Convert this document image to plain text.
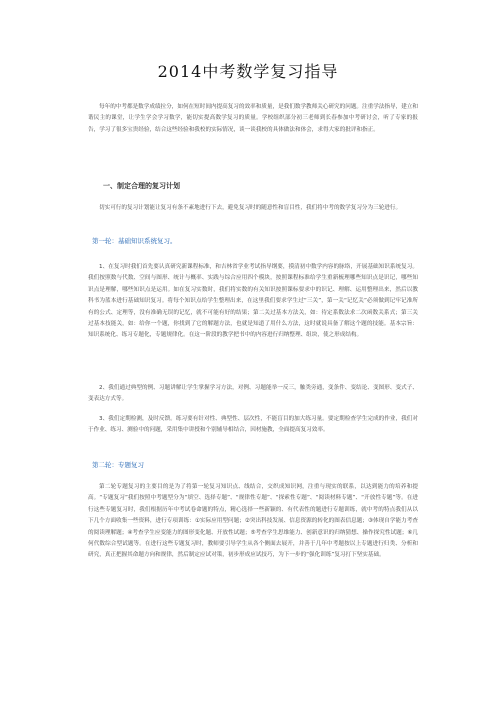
2014中考数学复习指导
每年的中考都是数学成绩拉分，如何在短时间内提高复习的效率和质量，是我们数学教师关心研究的问题。注重学法指导，建立和谐民主的课堂，让学生学会学习数学，能切实提高数学复习的质量。学校组织部分初三老师到长春参加中考研讨会，听了专家的报告，学习了很多宝贵经验，结合这些经验和我校的实际情况，谈一谈我校的具体做法和体会，求得大家的批评和指正。
一、制定合理的复习计划
切实可行的复习计划能让复习有条不紊地进行下去，避免复习时的随意性和盲目性，我们将中考的数学复习分为三轮进行。
第一轮：基础知识系统复习。
1、在复习时我们首先要认真研究新课程标准，和吉林省学业考试指导纲要，摸清初中数学内容的脉络，开展基础知识系统复习。我们按照数与代数、空间与图形、统计与概率、实践与综合应用四个模块，按照课程标准给学生重新梳理哪些知识点是识记，哪些知识点是理解，哪些知识点是运用。如在复习实数时，我们将实数的有关知识按照课标要求中的识记、理解、运用整理出来，然后以教科书为蓝本进行基础知识复习。将每个知识点给学生整理出来，在这里我们要求学生过“三关”，第一关“记忆关”必须做到记牢记准所有的公式、定理等，没有准确无误的记忆，就不可能有好的结果；第二关过基本方法关，如：待定系数法求二次函数关系式；第三关过基本技能关，如：给你一个题，你找到了它的解题方法，也就是知道了用什么方法，这时就说具备了解这个题的技能。基本宗旨：知识系统化、练习专题化，专题规律化。在这一阶段的教学把书中的内容进行归纳整理、组块，使之形成结构。
2、我们通过典型的例、习题讲解让学生掌握学习方法，对例、习题能举一反三，触类旁通，变条件、变结论、变图形、变式子、变表达方式等。
3、我们定期检测，及时反馈。练习要有针对性、典型性、层次性，不能盲目的加大练习量。要定期检查学生完成的作业，我们对于作业、练习、测验中的问题，采用集中讲授和个别辅导相结合，因材施教，全面提高复习效率。
第二轮：专题复习
第二轮专题复习的主要目的是为了将第一轮复习知识点、线结合，交织成知识网，注重与现实的联系，以达到能力的培养和提高。“专题复习”我们按照中考题型分为“填空、选择专题”、“规律性专题”、“探索性专题”、“阅读材料专题”、“开放性专题”等。在进行这些专题复习时，我们根据历年中考试卷命题的特点，精心选择一些新颖的、有代表性的题进行专题训练，就中考的特点我们从以下几个方面收集一些资料，进行专项训练：①实际应用型问题；②突出科技发展、信息资源的转化的图表信息题；③体现自学能力考查的阅读理解题；④考查学生应变能力的图形变化题、开放性试题；⑤考查学生思维能力、创新意识的归纳猜想、操作探究性试题；⑥几何代数综合型试题等。在进行这些专题复习时，教师要引导学生从各个侧面去展开，并善于几年中考题按以上专题进行归类、分析和研究，真正把握其命题方向和规律，然后制定应试对策，初步形成应试技巧，为下一步的“强化训练”复习打下坚实基础。
